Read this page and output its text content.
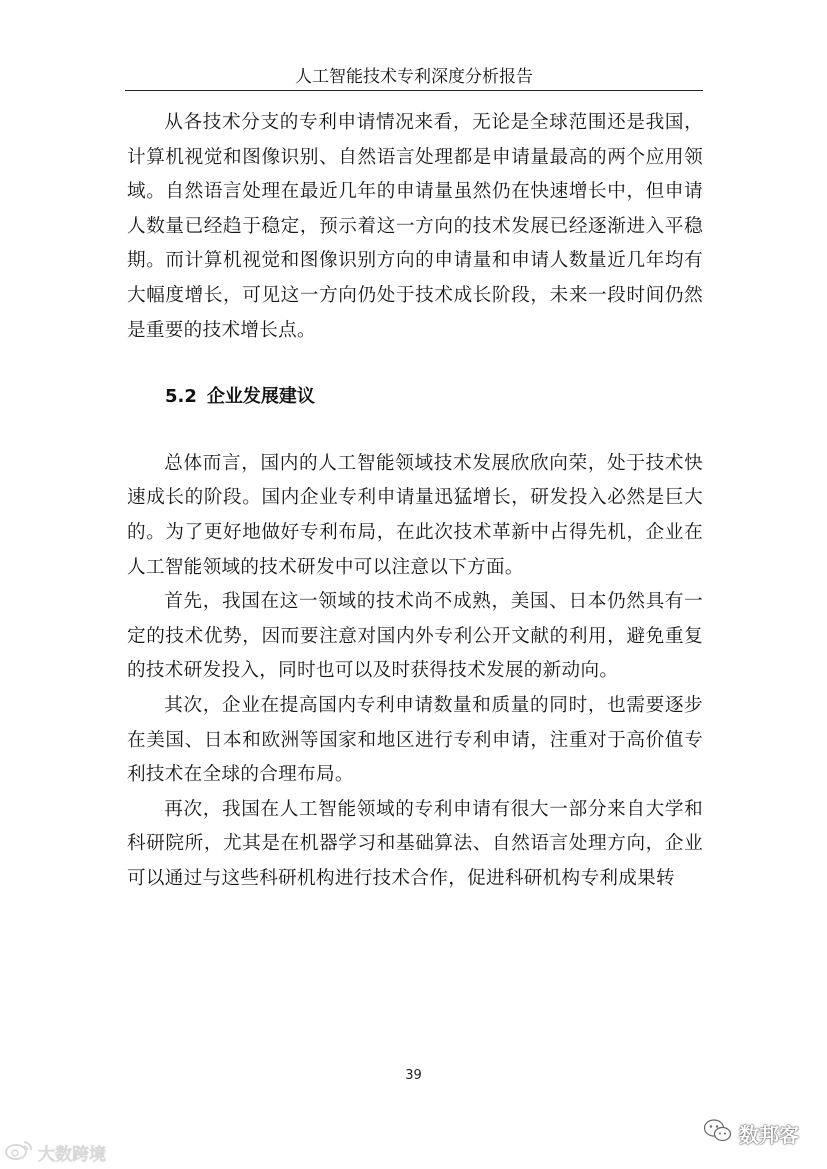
人工智能技术专利深度分析报告

从各技术分支的专利申请情况来看，无论是全球范围还是我国，计算机视觉和图像识别、自然语言处理都是申请量最高的两个应用领域。自然语言处理在最近几年的申请量虽然仍在快速增长中，但申请人数量已经趋于稳定，预示着这一方向的技术发展已经逐渐进入平稳期。而计算机视觉和图像识别方向的申请量和申请人数量近几年均有大幅度增长，可见这一方向仍处于技术成长阶段，未来一段时间仍然是重要的技术增长点。

5.2 企业发展建议

总体而言，国内的人工智能领域技术发展欣欣向荣，处于技术快速成长的阶段。国内企业专利申请量迅猛增长，研发投入必然是巨大的。为了更好地做好专利布局，在此次技术革新中占得先机，企业在人工智能领域的技术研发中可以注意以下方面。

首先，我国在这一领域的技术尚不成熟，美国、日本仍然具有一定的技术优势，因而要注意对国内外专利公开文献的利用，避免重复的技术研发投入，同时也可以及时获得技术发展的新动向。

其次，企业在提高国内专利申请数量和质量的同时，也需要逐步在美国、日本和欧洲等国家和地区进行专利申请，注重对于高价值专利技术在全球的合理布局。

再次，我国在人工智能领域的专利申请有很大一部分来自大学和科研院所，尤其是在机器学习和基础算法、自然语言处理方向，企业可以通过与这些科研机构进行技术合作，促进科研机构专利成果转

39
大数跨境
数邦客
